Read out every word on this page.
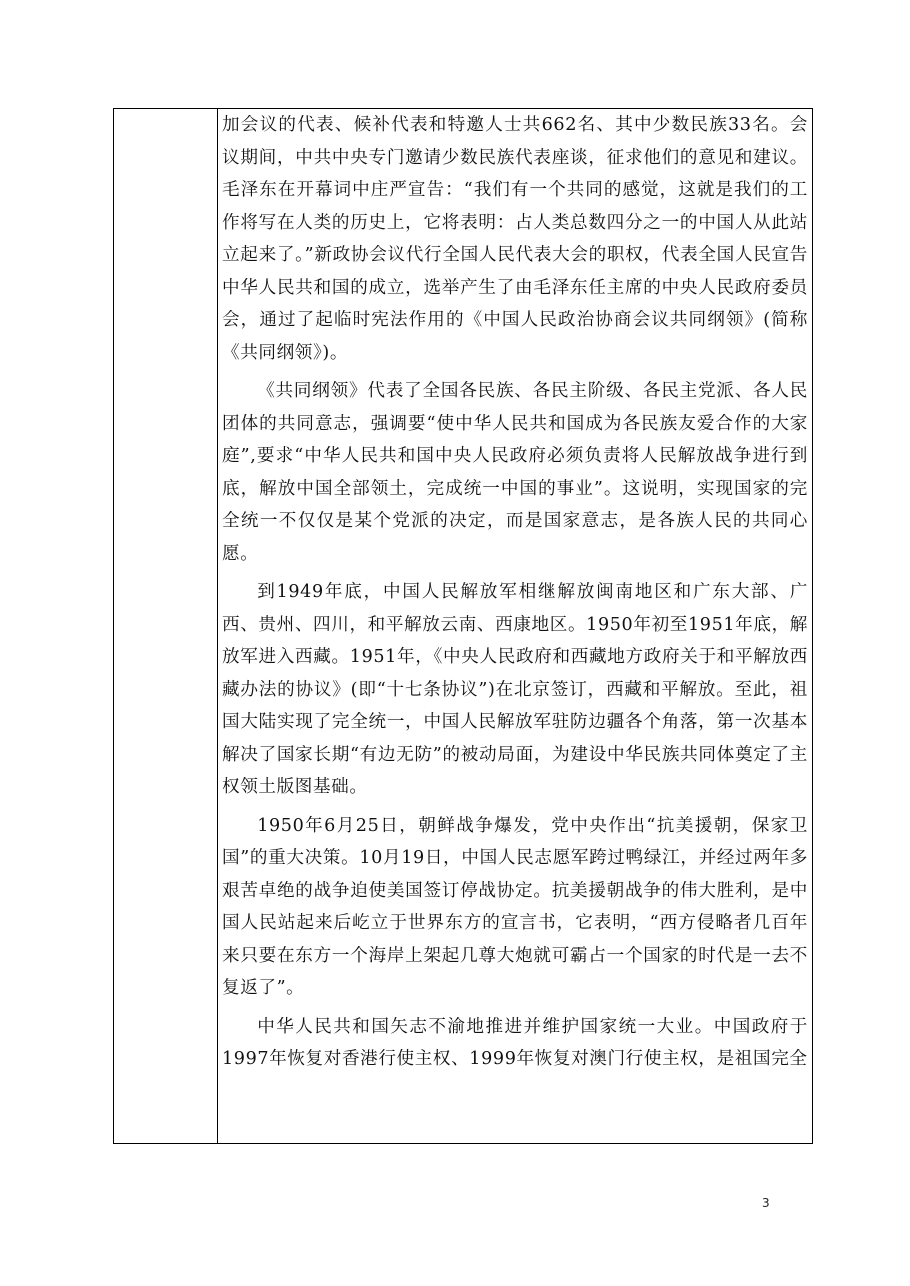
加会议的代表、候补代表和特邀人士共662名、其中少数民族33名。会议期间，中共中央专门邀请少数民族代表座谈，征求他们的意见和建议。毛泽东在开幕词中庄严宣告：“我们有一个共同的感觉，这就是我们的工作将写在人类的历史上，它将表明：占人类总数四分之一的中国人从此站立起来了。”新政协会议代行全国人民代表大会的职权，代表全国人民宣告中华人民共和国的成立，选举产生了由毛泽东任主席的中央人民政府委员会，通过了起临时宪法作用的《中国人民政治协商会议共同纲领》(简称《共同纲领》)。

《共同纲领》代表了全国各民族、各民主阶级、各民主党派、各人民团体的共同意志，强调要“使中华人民共和国成为各民族友爱合作的大家庭”,要求“中华人民共和国中央人民政府必须负责将人民解放战争进行到底，解放中国全部领土，完成统一中国的事业”。这说明，实现国家的完全统一不仅仅是某个党派的决定，而是国家意志，是各族人民的共同心愿。

到1949年底，中国人民解放军相继解放闽南地区和广东大部、广西、贵州、四川，和平解放云南、西康地区。1950年初至1951年底，解放军进入西藏。1951年，《中央人民政府和西藏地方政府关于和平解放西藏办法的协议》(即“十七条协议”)在北京签订，西藏和平解放。至此，祖国大陆实现了完全统一，中国人民解放军驻防边疆各个角落，第一次基本解决了国家长期“有边无防”的被动局面，为建设中华民族共同体奠定了主权领土版图基础。

1950年6月25日，朝鲜战争爆发，党中央作出“抗美援朝，保家卫国”的重大决策。10月19日，中国人民志愿军跨过鸭绿江，并经过两年多艰苦卓绝的战争迫使美国签订停战协定。抗美援朝战争的伟大胜利，是中国人民站起来后屹立于世界东方的宣言书，它表明，“西方侵略者几百年来只要在东方一个海岸上架起几尊大炮就可霸占一个国家的时代是一去不复返了”。

中华人民共和国矢志不渝地推进并维护国家统一大业。中国政府于1997年恢复对香港行使主权、1999年恢复对澳门行使主权，是祖国完全

3
